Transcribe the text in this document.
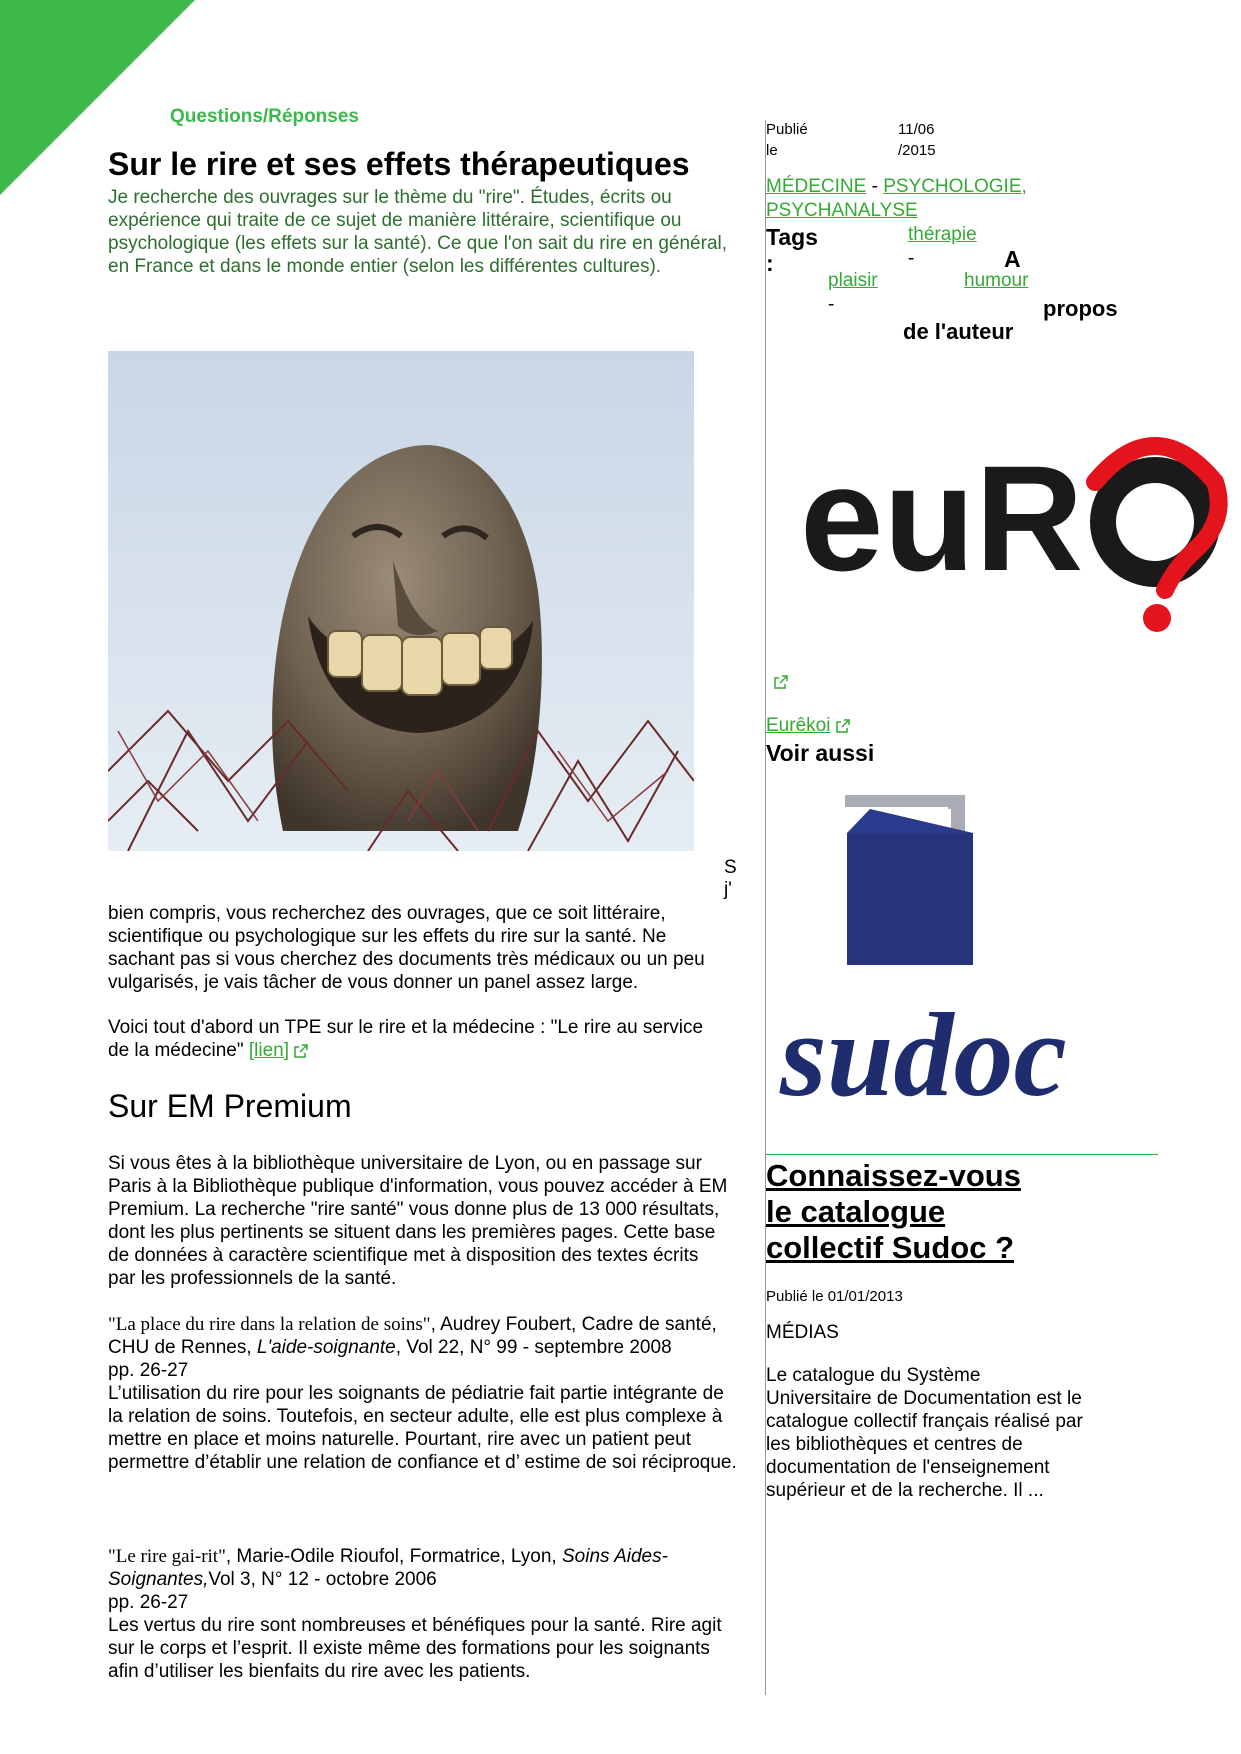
Questions/Réponses
Sur le rire et ses effets thérapeutiques
Je recherche des ouvrages sur le thème du "rire". Études, écrits ou expérience qui traite de ce sujet de manière littéraire, scientifique ou psychologique (les effets sur la santé). Ce que l'on sait du rire en général, en France et dans le monde entier (selon les différentes cultures).
S
j'
bien compris, vous recherchez des ouvrages, que ce soit littéraire, scientifique ou psychologique sur les effets du rire sur la santé. Ne sachant pas si vous cherchez des documents très médicaux ou un peu vulgarisés, je vais tâcher de vous donner un panel assez large.
Voici tout d'abord un TPE sur le rire et la médecine : "Le rire au service de la médecine" [lien]
Sur EM Premium
Si vous êtes à la bibliothèque universitaire de Lyon, ou en passage sur Paris à la Bibliothèque publique d'information, vous pouvez accéder à EM Premium. La recherche "rire santé" vous donne plus de 13 000 résultats, dont les plus pertinents se situent dans les premières pages. Cette base de données à caractère scientifique met à disposition des textes écrits par les professionnels de la santé.

"La place du rire dans la relation de soins", Audrey Foubert, Cadre de santé, CHU de Rennes, L'aide-soignante, Vol 22, N° 99 - septembre 2008

pp. 26-27

L’utilisation du rire pour les soignants de pédiatrie fait partie intégrante de la relation de soins. Toutefois, en secteur adulte, elle est plus complexe à mettre en place et moins naturelle. Pourtant, rire avec un patient peut permettre d’établir une relation de confiance et d’ estime de soi réciproque.

"Le rire gai-rit", Marie-Odile Rioufol, Formatrice, Lyon, Soins Aides-Soignantes,Vol 3, N° 12 - octobre 2006

pp. 26-27

Les vertus du rire sont nombreuses et bénéfiques pour la santé. Rire agit sur le corps et l’esprit. Il existe même des formations pour les soignants afin d’utiliser les bienfaits du rire avec les patients.

Publié
le
11/06
/2015
MÉDECINE - PSYCHOLOGIE,
PSYCHANALYSE
Tags
:
thérapie
-	A
plaisir	humour
-	propos
de l'auteur
euR
Eurêkoi
Voir aussi
sudoc
Connaissez-vous
le catalogue
collectif Sudoc ?
Publié le 01/01/2013
MÉDIAS
Le catalogue du Système Universitaire de Documentation est le catalogue collectif français réalisé par les bibliothèques et centres de documentation de l'enseignement supérieur et de la recherche. Il ...
